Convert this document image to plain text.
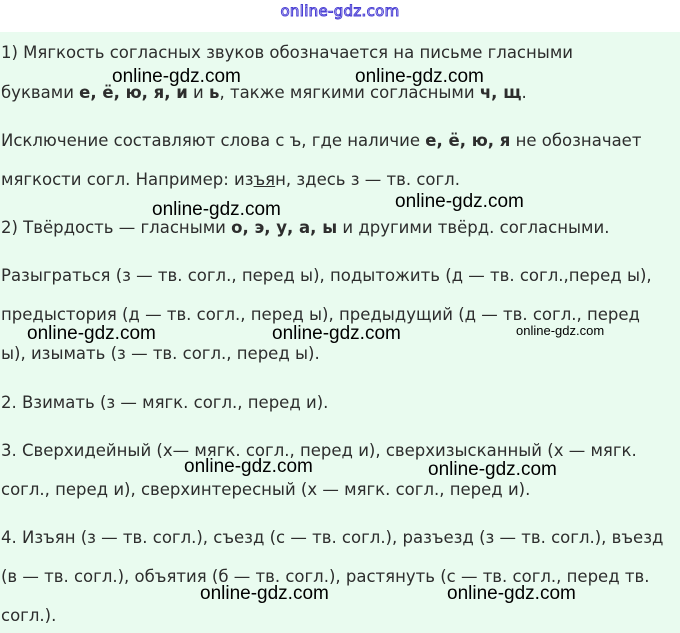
online-gdz.com
1) Мягкость согласных звуков обозначается на письме гласными
буквами е, ё, ю, я, и и ь, также мягкими согласными ч, щ.
Исключение составляют слова с ъ, где наличие е, ё, ю, я не обозначает
мягкости согл. Например: изъян, здесь з — тв. согл.
2) Твёрдость — гласными о, э, у, а, ы и другими твёрд. согласными.
Разыграться (з — тв. согл., перед ы), подытожить (д — тв. согл.,перед ы),
предыстория (д — тв. согл., перед ы), предыдущий (д — тв. согл., перед
ы), изымать (з — тв. согл., перед ы).
2. Взимать (з — мягк. согл., перед и).
3. Сверхидейный (х— мягк. согл., перед и), сверхизысканный (х — мягк.
согл., перед и), сверхинтересный (х — мягк. согл., перед и).
4. Изъян (з — тв. согл.), съезд (с — тв. согл.), разъезд (з — тв. согл.), въезд
(в — тв. согл.), объятия (б — тв. согл.), растянуть (с — тв. согл., перед тв.
согл.).
online-gdz.com	online-gdz.com
online-gdz.com	online-gdz.com
online-gdz.com	online-gdz.com	online-gdz.com
online-gdz.com	online-gdz.com
online-gdz.com	online-gdz.com
